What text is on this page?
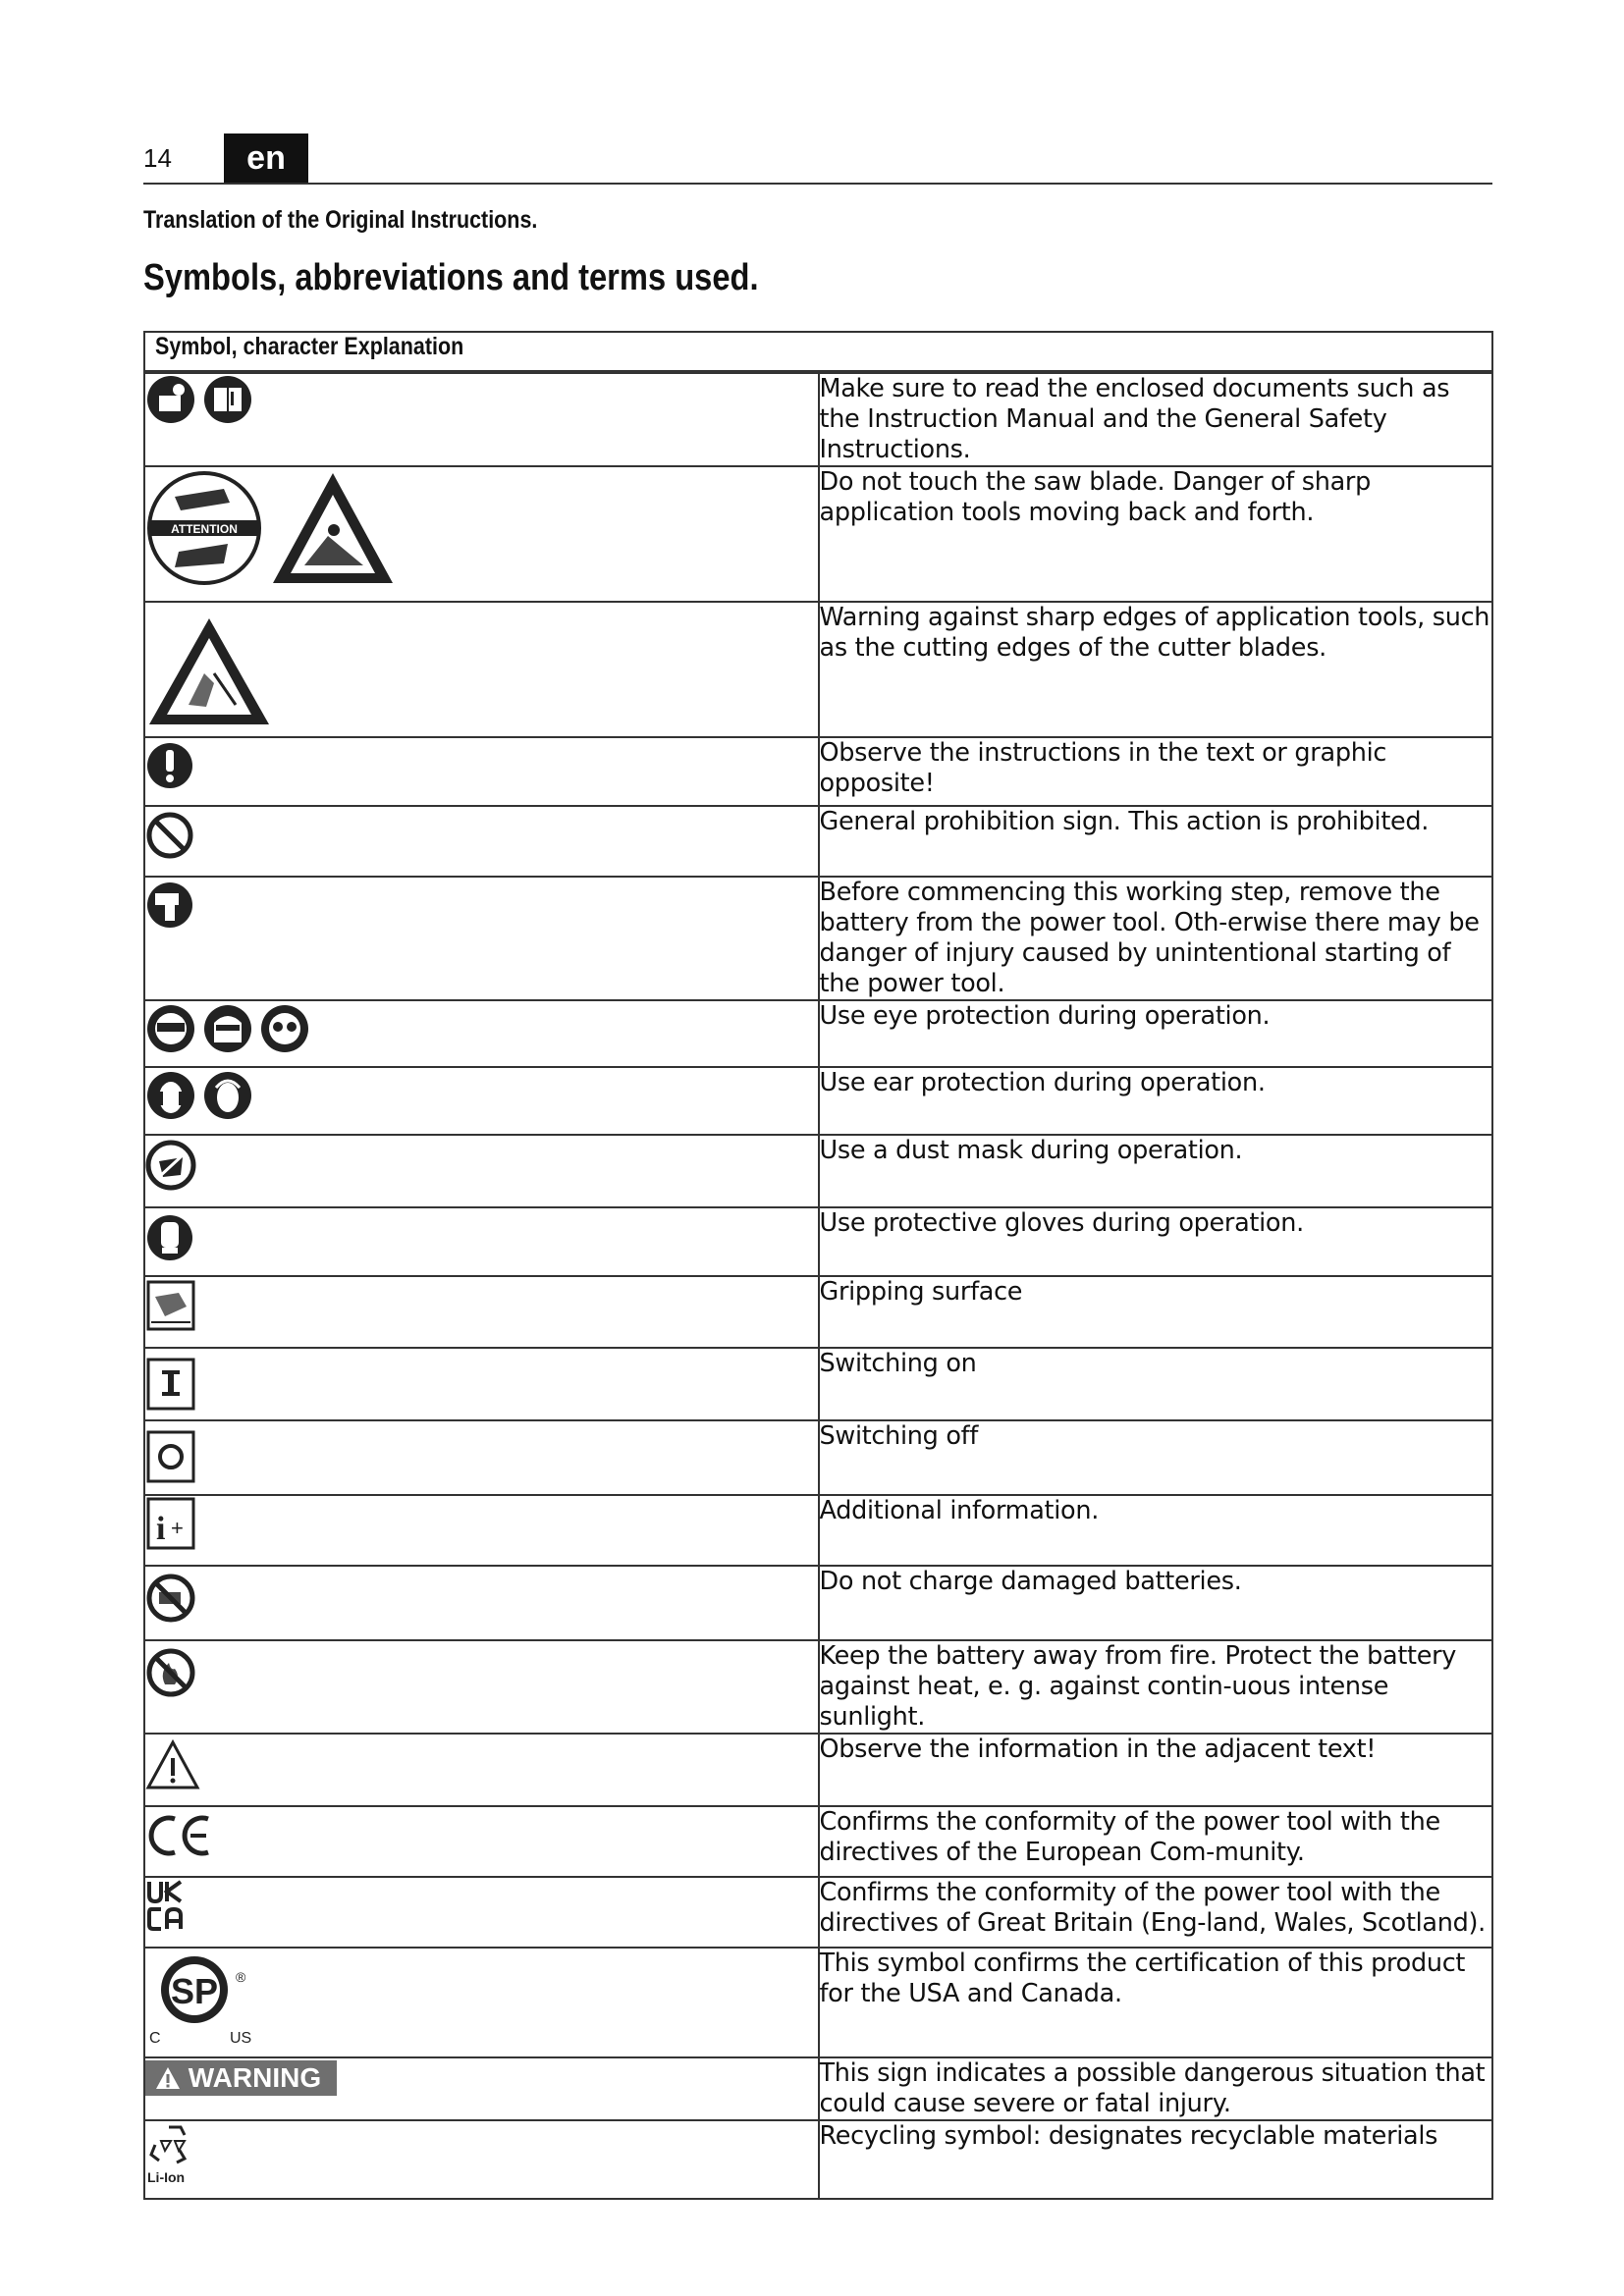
14	en
Translation of the Original Instructions.
Symbols, abbreviations and terms used.
Symbol, character Explanation	

	Make sure to read the enclosed documents such as the Instruction Manual and the General Safety Instructions.

ATTENTION	Do not touch the saw blade. Danger of sharp application tools moving back and forth.

	Warning against sharp edges of application tools, such as the cutting edges of the cutter blades.

	Observe the instructions in the text or graphic opposite!

	General prohibition sign. This action is prohibited.

	Before commencing this working step, remove the battery from the power tool. Oth-erwise there may be danger of injury caused by unintentional starting of the power tool.

	Use eye protection during operation.

	Use ear protection during operation.

	Use a dust mask during operation.

	Use protective gloves during operation.

	Gripping surface

	Switching on

	Switching off

i +	Additional information.

	Do not charge damaged batteries.

	Keep the battery away from fire. Protect the battery against heat, e. g. against contin-uous intense sunlight.

	Observe the information in the adjacent text!

	Confirms the conformity of the power tool with the directives of the European Com-munity.

	Confirms the conformity of the power tool with the directives of Great Britain (Eng-land, Wales, Scotland).

SP ®
C US	This symbol confirms the certification of this product for the USA and Canada.
WARNING	This sign indicates a possible dangerous situation that could cause severe or fatal injury.

Li-Ion	Recycling symbol: designates recyclable materials
